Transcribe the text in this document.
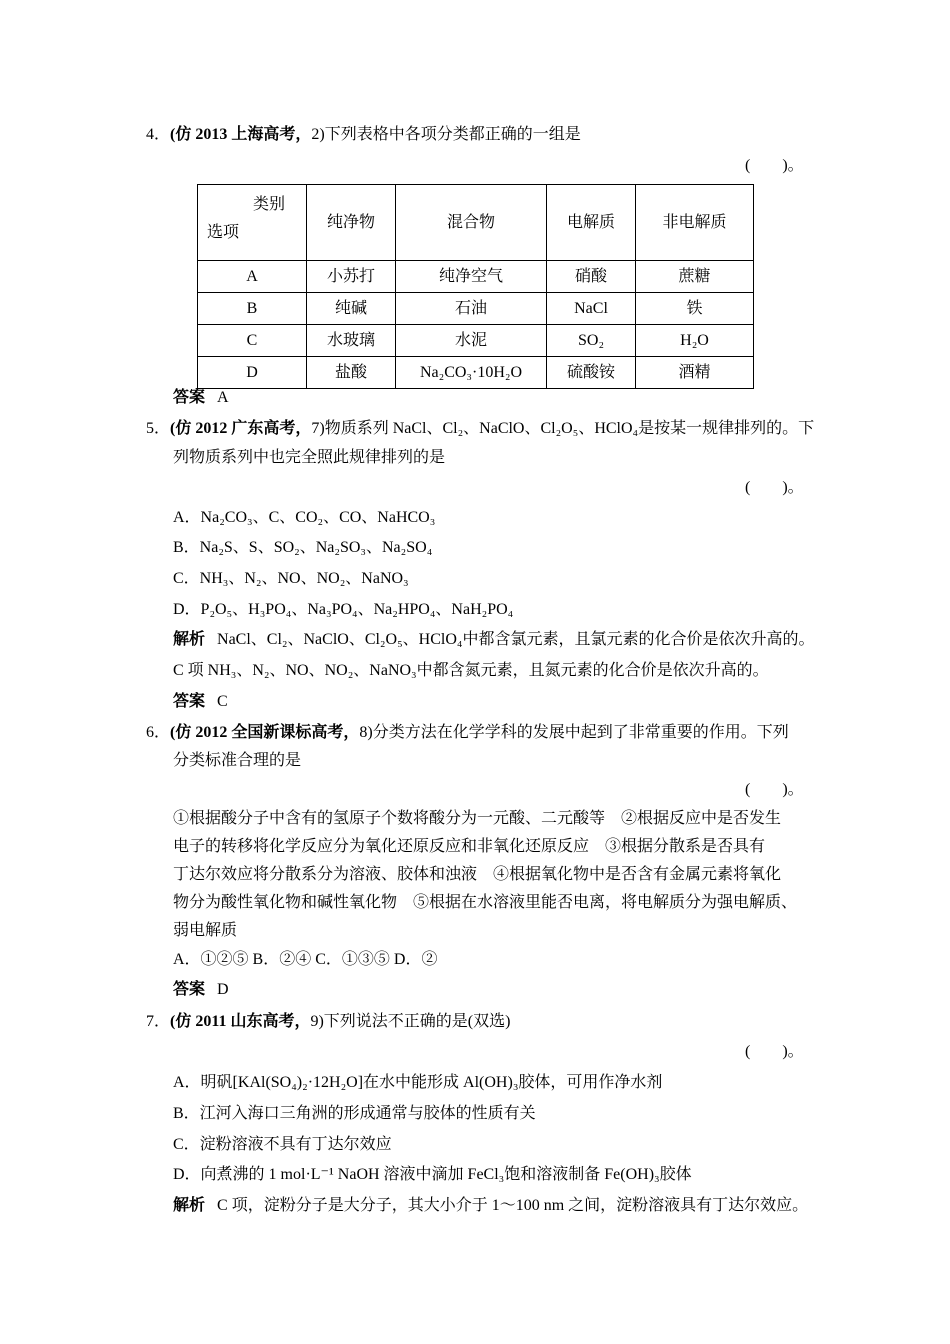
4．(仿 2013 上海高考，2)下列表格中各项分类都正确的一组是
(　　)。
类别
选项	纯净物	混合物	电解质	非电解质
A	小苏打	纯净空气	硝酸	蔗糖
B	纯碱	石油	NaCl	铁
C	水玻璃	水泥	SO₂	H₂O
D	盐酸	Na₂CO₃·10H₂O	硫酸铵	酒精
答案 A
5．(仿 2012 广东高考，7)物质系列 NaCl、Cl₂、NaClO、Cl₂O₅、HClO₄是按某一规律排列的。下
列物质系列中也完全照此规律排列的是
(　　)。
A．Na₂CO₃、C、CO₂、CO、NaHCO₃
B．Na₂S、S、SO₂、Na₂SO₃、Na₂SO₄
C．NH₃、N₂、NO、NO₂、NaNO₃
D．P₂O₅、H₃PO₄、Na₃PO₄、Na₂HPO₄、NaH₂PO₄
解析 NaCl、Cl₂、NaClO、Cl₂O₅、HClO₄中都含氯元素，且氯元素的化合价是依次升高的。
C 项 NH₃、N₂、NO、NO₂、NaNO₃中都含氮元素，且氮元素的化合价是依次升高的。
答案 C
6．(仿 2012 全国新课标高考，8)分类方法在化学学科的发展中起到了非常重要的作用。下列
分类标准合理的是
(　　)。
①根据酸分子中含有的氢原子个数将酸分为一元酸、二元酸等　②根据反应中是否发生
电子的转移将化学反应分为氧化还原反应和非氧化还原反应　③根据分散系是否具有
丁达尔效应将分散系分为溶液、胶体和浊液　④根据氧化物中是否含有金属元素将氧化
物分为酸性氧化物和碱性氧化物　⑤根据在水溶液里能否电离，将电解质分为强电解质、
弱电解质
A．①②⑤ B．②④ C．①③⑤ D．②
答案 D
7．(仿 2011 山东高考，9)下列说法不正确的是(双选)
(　　)。
A．明矾[KAl(SO₄)₂·12H₂O]在水中能形成 Al(OH)₃胶体，可用作净水剂
B．江河入海口三角洲的形成通常与胶体的性质有关
C．淀粉溶液不具有丁达尔效应
D．向煮沸的 1 mol·L⁻¹ NaOH 溶液中滴加 FeCl₃饱和溶液制备 Fe(OH)₃胶体
解析 C 项，淀粉分子是大分子，其大小介于 1～100 nm 之间，淀粉溶液具有丁达尔效应。
